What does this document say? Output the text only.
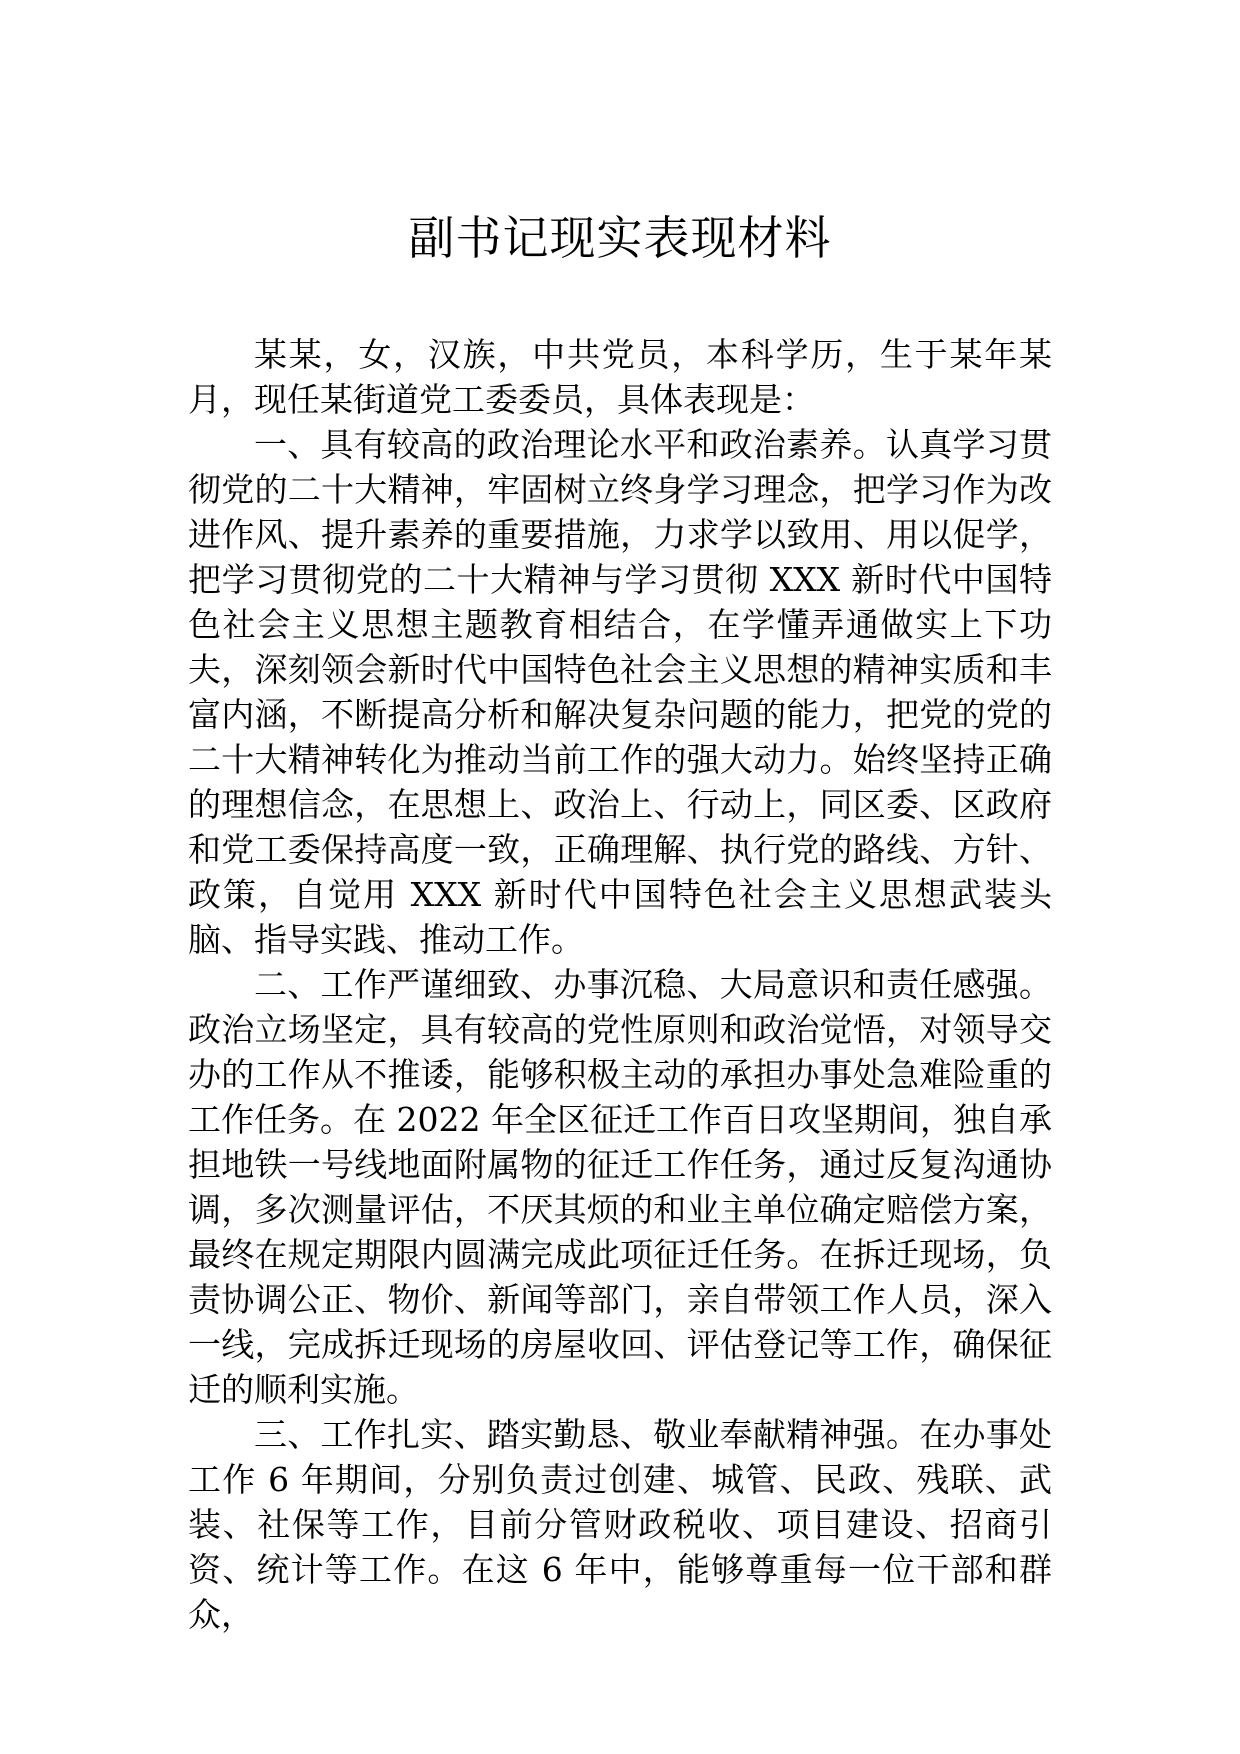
副书记现实表现材料

某某，女，汉族，中共党员，本科学历，生于某年某月，现任某街道党工委委员，具体表现是：

一、具有较高的政治理论水平和政治素养。认真学习贯彻党的二十大精神，牢固树立终身学习理念，把学习作为改进作风、提升素养的重要措施，力求学以致用、用以促学，把学习贯彻党的二十大精神与学习贯彻 XXX 新时代中国特色社会主义思想主题教育相结合，在学懂弄通做实上下功夫，深刻领会新时代中国特色社会主义思想的精神实质和丰富内涵，不断提高分析和解决复杂问题的能力，把党的党的二十大精神转化为推动当前工作的强大动力。始终坚持正确的理想信念，在思想上、政治上、行动上，同区委、区政府和党工委保持高度一致，正确理解、执行党的路线、方针、政策，自觉用 XXX 新时代中国特色社会主义思想武装头脑、指导实践、推动工作。

二、工作严谨细致、办事沉稳、大局意识和责任感强。政治立场坚定，具有较高的党性原则和政治觉悟，对领导交办的工作从不推诿，能够积极主动的承担办事处急难险重的工作任务。在 2022 年全区征迁工作百日攻坚期间，独自承担地铁一号线地面附属物的征迁工作任务，通过反复沟通协调，多次测量评估，不厌其烦的和业主单位确定赔偿方案，最终在规定期限内圆满完成此项征迁任务。在拆迁现场，负责协调公正、物价、新闻等部门，亲自带领工作人员，深入一线，完成拆迁现场的房屋收回、评估登记等工作，确保征迁的顺利实施。

三、工作扎实、踏实勤恳、敬业奉献精神强。在办事处工作 6 年期间，分别负责过创建、城管、民政、残联、武装、社保等工作，目前分管财政税收、项目建设、招商引资、统计等工作。在这 6 年中，能够尊重每一位干部和群众，
